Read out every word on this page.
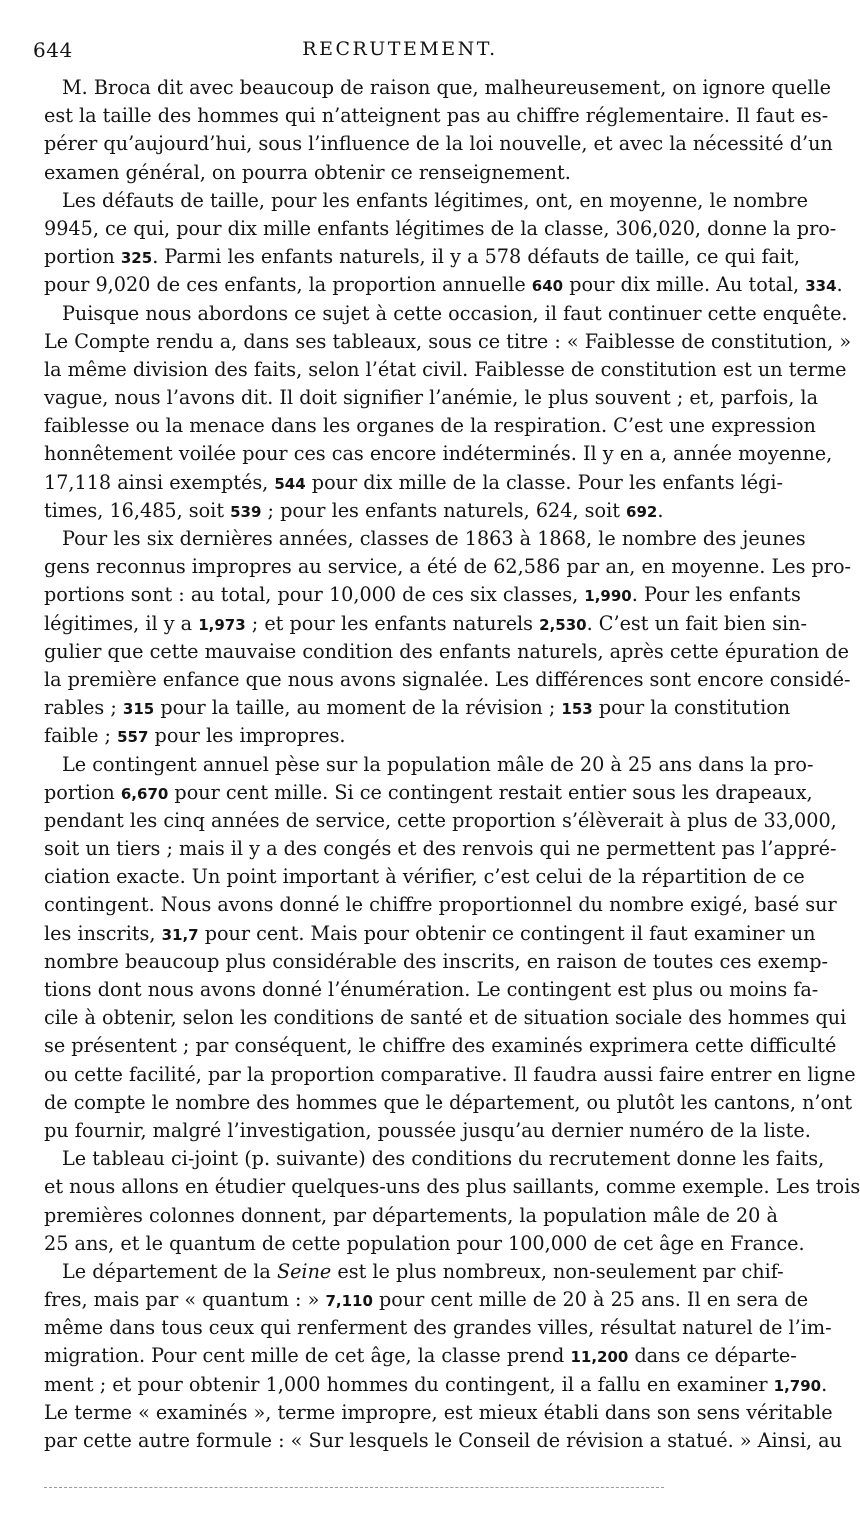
644	RECRUTEMENT.
M. Broca dit avec beaucoup de raison que, malheureusement, on ignore quelle
est la taille des hommes qui n’atteignent pas au chiffre réglementaire. Il faut es-
pérer qu’aujourd’hui, sous l’influence de la loi nouvelle, et avec la nécessité d’un
examen général, on pourra obtenir ce renseignement.
Les défauts de taille, pour les enfants légitimes, ont, en moyenne, le nombre
9945, ce qui, pour dix mille enfants légitimes de la classe, 306,020, donne la pro-
portion 325. Parmi les enfants naturels, il y a 578 défauts de taille, ce qui fait,
pour 9,020 de ces enfants, la proportion annuelle 640 pour dix mille. Au total, 334.
Puisque nous abordons ce sujet à cette occasion, il faut continuer cette enquête.
Le Compte rendu a, dans ses tableaux, sous ce titre : « Faiblesse de constitution, »
la même division des faits, selon l’état civil. Faiblesse de constitution est un terme
vague, nous l’avons dit. Il doit signifier l’anémie, le plus souvent ; et, parfois, la
faiblesse ou la menace dans les organes de la respiration. C’est une expression
honnêtement voilée pour ces cas encore indéterminés. Il y en a, année moyenne,
17,118 ainsi exemptés, 544 pour dix mille de la classe. Pour les enfants légi-
times, 16,485, soit 539 ; pour les enfants naturels, 624, soit 692.
Pour les six dernières années, classes de 1863 à 1868, le nombre des jeunes
gens reconnus impropres au service, a été de 62,586 par an, en moyenne. Les pro-
portions sont : au total, pour 10,000 de ces six classes, 1,990. Pour les enfants
légitimes, il y a 1,973 ; et pour les enfants naturels 2,530. C’est un fait bien sin-
gulier que cette mauvaise condition des enfants naturels, après cette épuration de
la première enfance que nous avons signalée. Les différences sont encore considé-
rables ; 315 pour la taille, au moment de la révision ; 153 pour la constitution
faible ; 557 pour les impropres.
Le contingent annuel pèse sur la population mâle de 20 à 25 ans dans la pro-
portion 6,670 pour cent mille. Si ce contingent restait entier sous les drapeaux,
pendant les cinq années de service, cette proportion s’élèverait à plus de 33,000,
soit un tiers ; mais il y a des congés et des renvois qui ne permettent pas l’appré-
ciation exacte. Un point important à vérifier, c’est celui de la répartition de ce
contingent. Nous avons donné le chiffre proportionnel du nombre exigé, basé sur
les inscrits, 31,7 pour cent. Mais pour obtenir ce contingent il faut examiner un
nombre beaucoup plus considérable des inscrits, en raison de toutes ces exemp-
tions dont nous avons donné l’énumération. Le contingent est plus ou moins fa-
cile à obtenir, selon les conditions de santé et de situation sociale des hommes qui
se présentent ; par conséquent, le chiffre des examinés exprimera cette difficulté
ou cette facilité, par la proportion comparative. Il faudra aussi faire entrer en ligne
de compte le nombre des hommes que le département, ou plutôt les cantons, n’ont
pu fournir, malgré l’investigation, poussée jusqu’au dernier numéro de la liste.
Le tableau ci-joint (p. suivante) des conditions du recrutement donne les faits,
et nous allons en étudier quelques-uns des plus saillants, comme exemple. Les trois
premières colonnes donnent, par départements, la population mâle de 20 à
25 ans, et le quantum de cette population pour 100,000 de cet âge en France.
Le département de la Seine est le plus nombreux, non-seulement par chif-
fres, mais par « quantum : » 7,110 pour cent mille de 20 à 25 ans. Il en sera de
même dans tous ceux qui renferment des grandes villes, résultat naturel de l’im-
migration. Pour cent mille de cet âge, la classe prend 11,200 dans ce départe-
ment ; et pour obtenir 1,000 hommes du contingent, il a fallu en examiner 1,790.
Le terme « examinés », terme impropre, est mieux établi dans son sens véritable
par cette autre formule : « Sur lesquels le Conseil de révision a statué. » Ainsi, au
